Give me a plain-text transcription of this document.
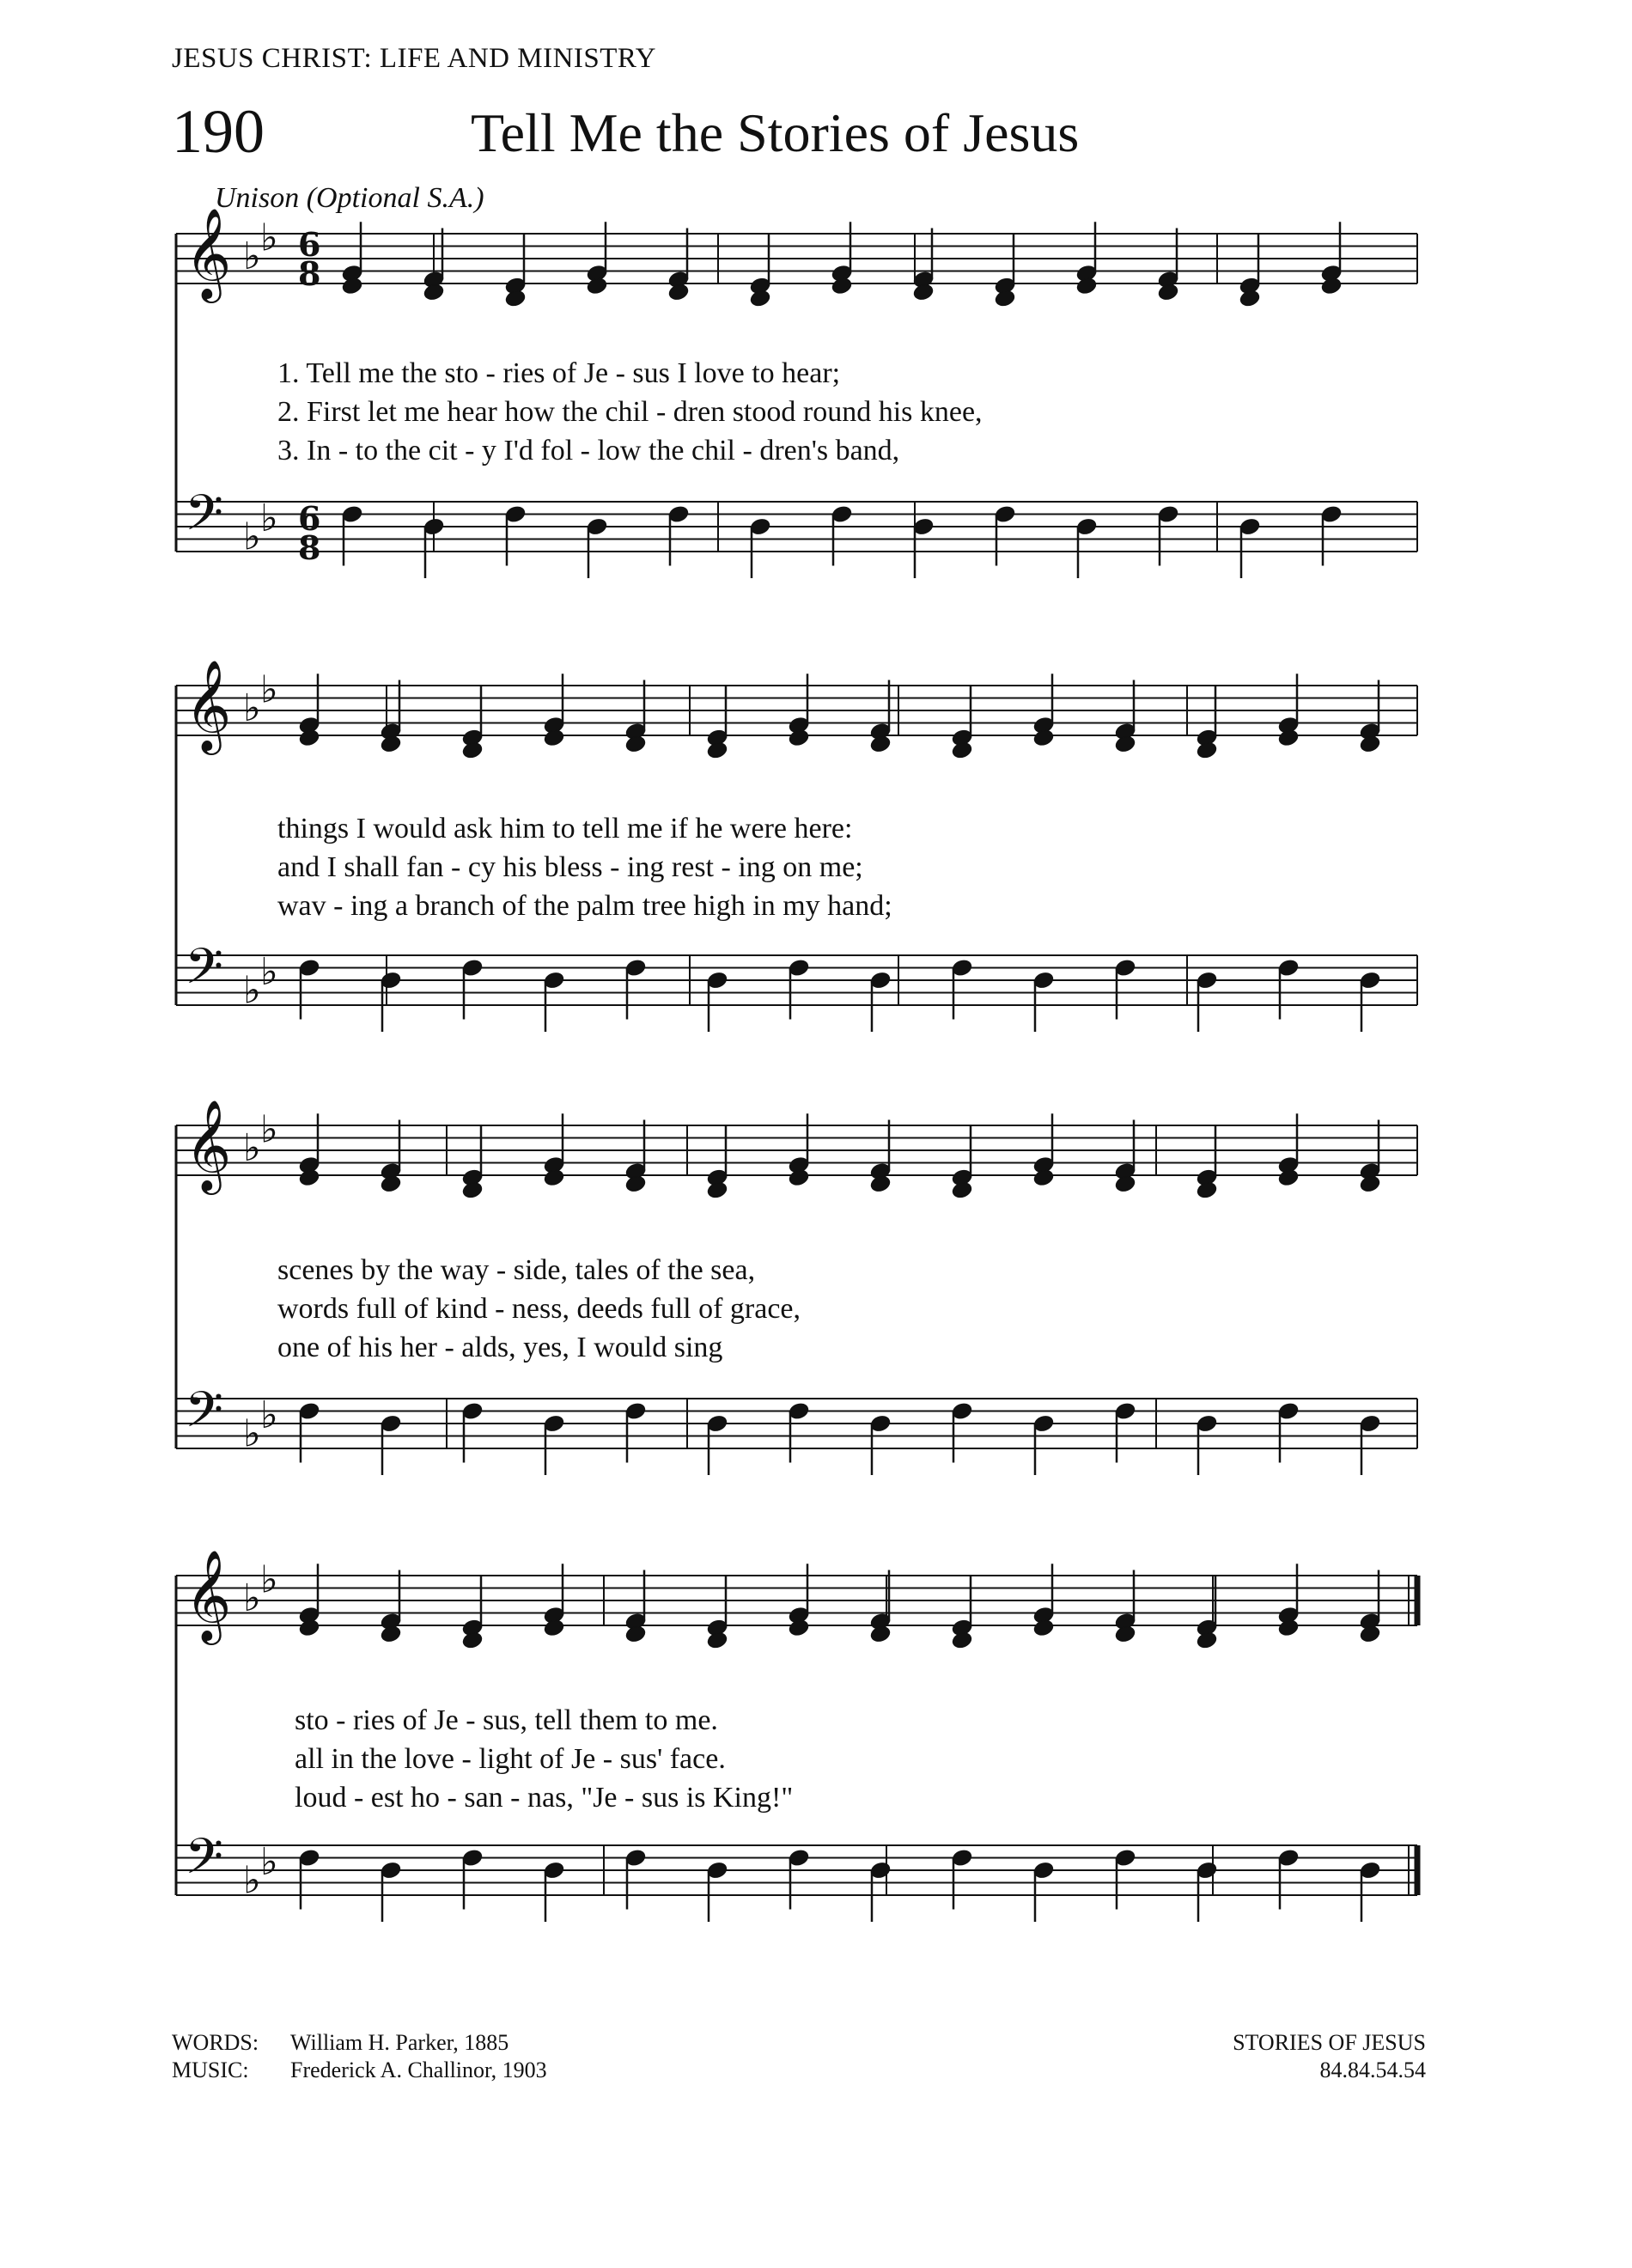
JESUS CHRIST: LIFE AND MINISTRY
190	Tell Me the Stories of Jesus
Unison (Optional S.A.)
𝄞
𝄢
♭ ♭
♭ ♭
𝄞
𝄢
♭ ♭
♭ ♭
𝄞
𝄢
♭ ♭
♭ ♭
𝄞
𝄢
♭ ♭
♭ ♭
6
8
6
8
1. Tell me the sto - ries of Je - sus I love to hear;
2. First let me hear how the chil - dren stood round his knee,
3. In - to the cit - y I'd fol - low the chil - dren's band,
things I would ask him to tell me if he were here:
and I shall fan - cy his bless - ing rest - ing on me;
wav - ing a branch of the palm tree high in my hand;
scenes by the way - side, tales of the sea,
words full of kind - ness, deeds full of grace,
one of his her - alds, yes, I would sing
sto - ries of Je - sus, tell them to me.
all in the love - light of Je - sus' face.
loud - est ho - san - nas, "Je - sus is King!"
WORDS: William H. Parker, 1885
MUSIC: Frederick A. Challinor, 1903
STORIES OF JESUS
84.84.54.54
